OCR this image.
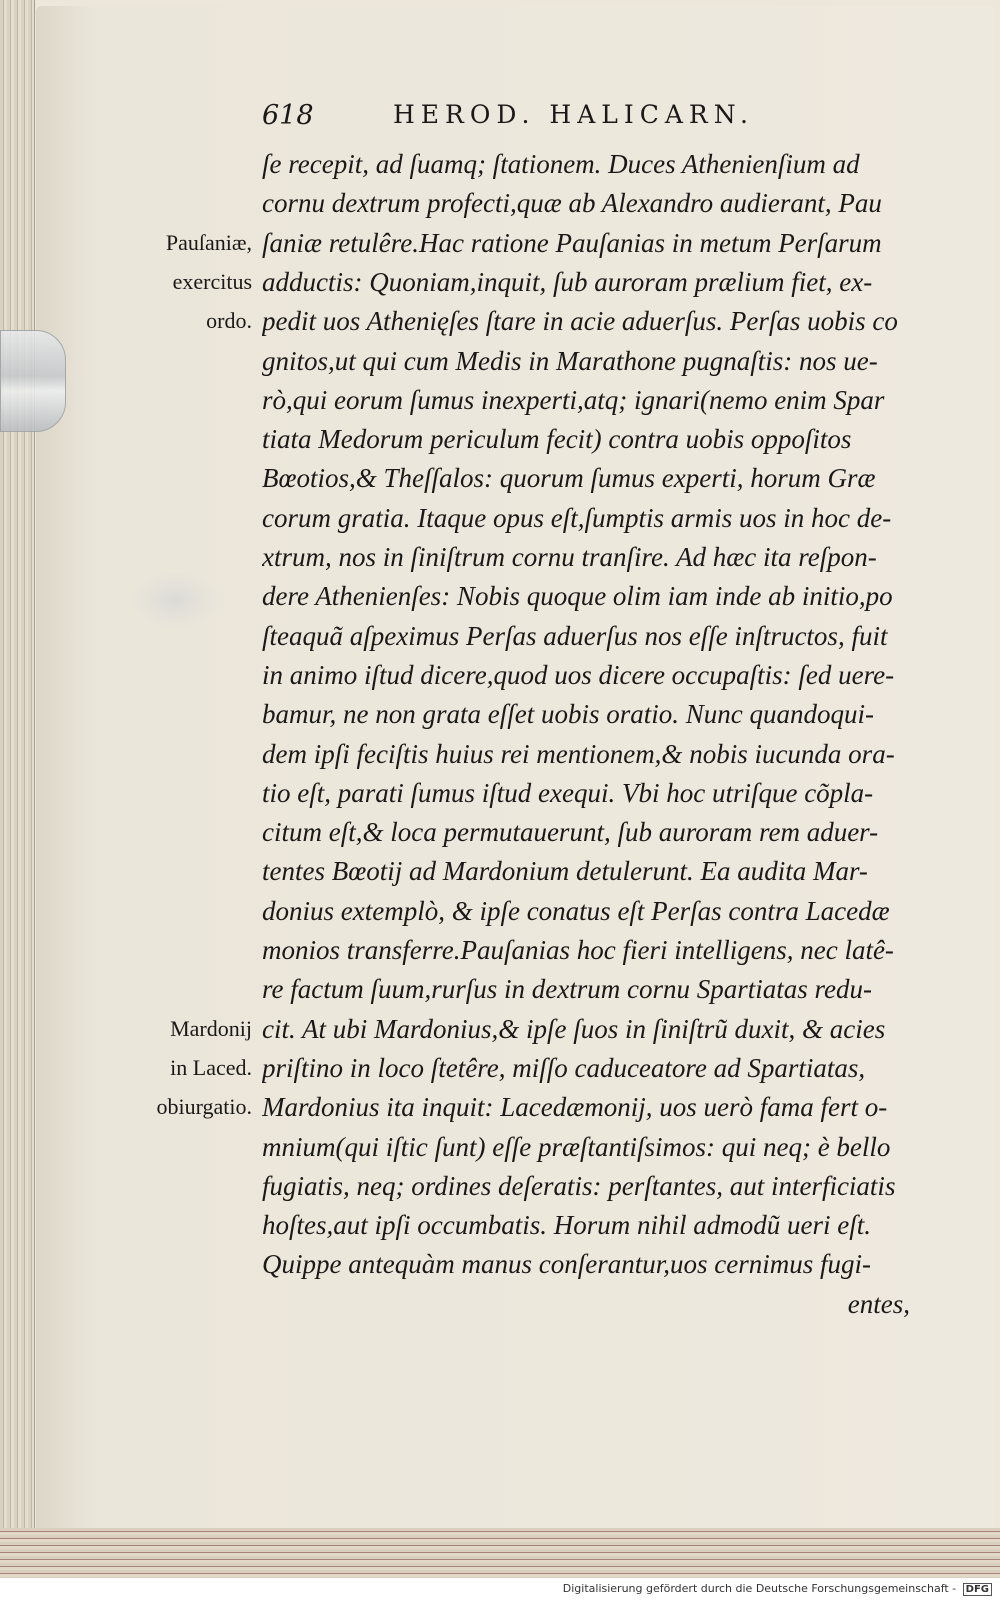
618	HEROD. HALICARN.
ſe recepit, ad ſuamq; ſtationem. Duces Athenienſium ad
cornu dextrum profecti,quæ ab Alexandro audierant, Pau
ſaniæ retulêre.Hac ratione Pauſanias in metum Perſarum
adductis: Quoniam,inquit, ſub auroram prælium fiet, ex-
pedit uos Athenięſes ſtare in acie aduerſus. Perſas uobis co
gnitos,ut qui cum Medis in Marathone pugnaſtis: nos ue-
rò,qui eorum ſumus inexperti,atq; ignari(nemo enim Spar
tiata Medorum periculum fecit) contra uobis oppoſitos
Bœotios,& Theſſalos: quorum ſumus experti, horum Græ
corum gratia. Itaque opus eſt,ſumptis armis uos in hoc de-
xtrum, nos in ſiniſtrum cornu tranſire. Ad hæc ita reſpon-
dere Athenienſes: Nobis quoque olim iam inde ab initio,po
ſteaquã aſpeximus Perſas aduerſus nos eſſe inſtructos, fuit
in animo iſtud dicere,quod uos dicere occupaſtis: ſed uere-
bamur, ne non grata eſſet uobis oratio. Nunc quandoqui-
dem ipſi feciſtis huius rei mentionem,& nobis iucunda ora-
tio eſt, parati ſumus iſtud exequi. Vbi hoc utriſque cõpla-
citum eſt,& loca permutauerunt, ſub auroram rem aduer-
tentes Bœotij ad Mardonium detulerunt. Ea audita Mar-
donius extemplò, & ipſe conatus eſt Perſas contra Lacedæ
monios transferre.Pauſanias hoc fieri intelligens, nec latê-
re factum ſuum,rurſus in dextrum cornu Spartiatas redu-
cit. At ubi Mardonius,& ipſe ſuos in ſiniſtrũ duxit, & acies
priſtino in loco ſtetêre, miſſo caduceatore ad Spartiatas,
Mardonius ita inquit: Lacedæmonij, uos uerò fama fert o-
mnium(qui iſtic ſunt) eſſe præſtantiſsimos: qui neq; è bello
fugiatis, neq; ordines deſeratis: perſtantes, aut interficiatis
hoſtes,aut ipſi occumbatis. Horum nihil admodũ ueri eſt.
Quippe antequàm manus conſerantur,uos cernimus fugi-
entes,
Pauſaniæ,
exercitus
ordo.
Mardonij
in Laced.
obiurgatio.
Digitalisierung gefördert durch die Deutsche Forschungsgemeinschaft - DFG
